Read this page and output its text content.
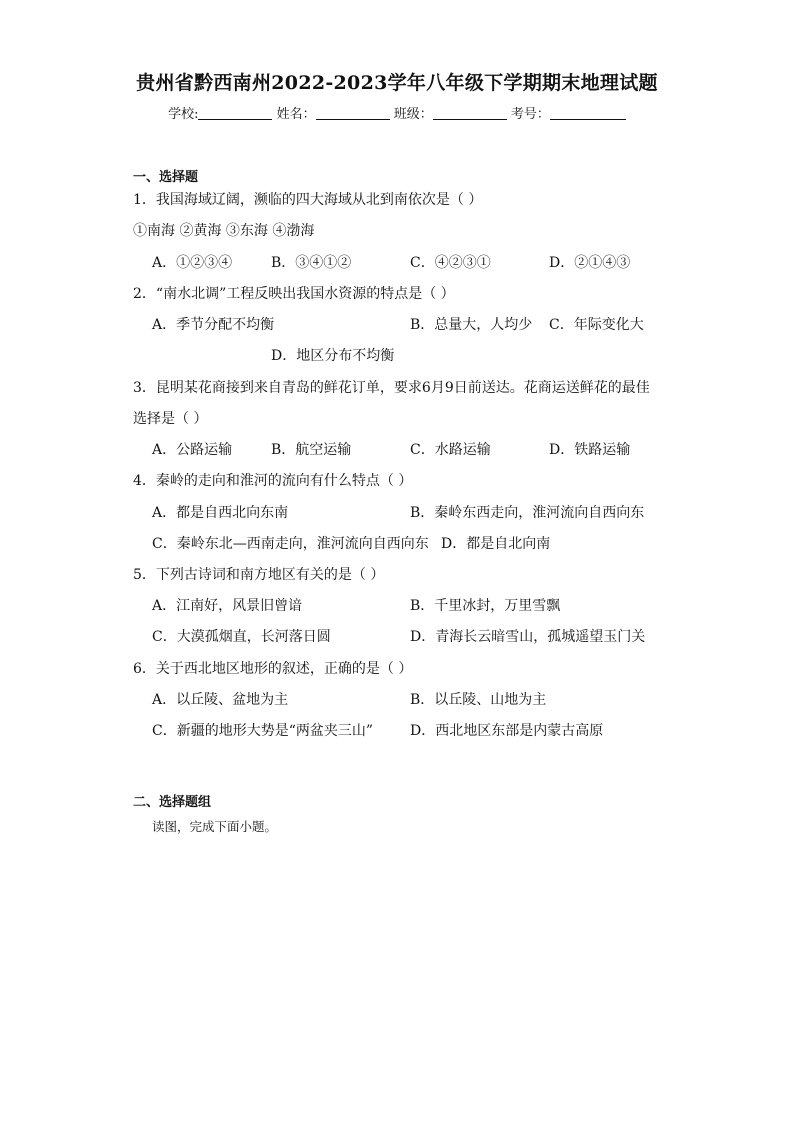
贵州省黔西南州2022-2023学年八年级下学期期末地理试题
学校:	姓名：	班级：	考号：
一、选择题
1．我国海域辽阔，濒临的四大海域从北到南依次是（ ）
①南海 ②黄海 ③东海 ④渤海
A．①②③④	B．③④①②	C．④②③①	D．②①④③
2．“南水北调”工程反映出我国水资源的特点是（ ）
A．季节分配不均衡	B．总量大，人均少 C．年际变化大
D．地区分布不均衡
3．昆明某花商接到来自青岛的鲜花订单，要求6月9日前送达。花商运送鲜花的最佳
选择是（ ）
A．公路运输	B．航空运输	C．水路运输	D．铁路运输
4．秦岭的走向和淮河的流向有什么特点（ ）
A．都是自西北向东南	B．秦岭东西走向，淮河流向自西向东
C．秦岭东北—西南走向，淮河流向自西向东 D．都是自北向南
5．下列古诗词和南方地区有关的是（ ）
A．江南好，风景旧曾谙	B．千里冰封，万里雪飘
C．大漠孤烟直，长河落日圆	D．青海长云暗雪山，孤城遥望玉门关
6．关于西北地区地形的叙述，正确的是（ ）
A．以丘陵、盆地为主	B．以丘陵、山地为主
C．新疆的地形大势是“两盆夹三山”	D．西北地区东部是内蒙古高原
二、选择题组
读图，完成下面小题。
